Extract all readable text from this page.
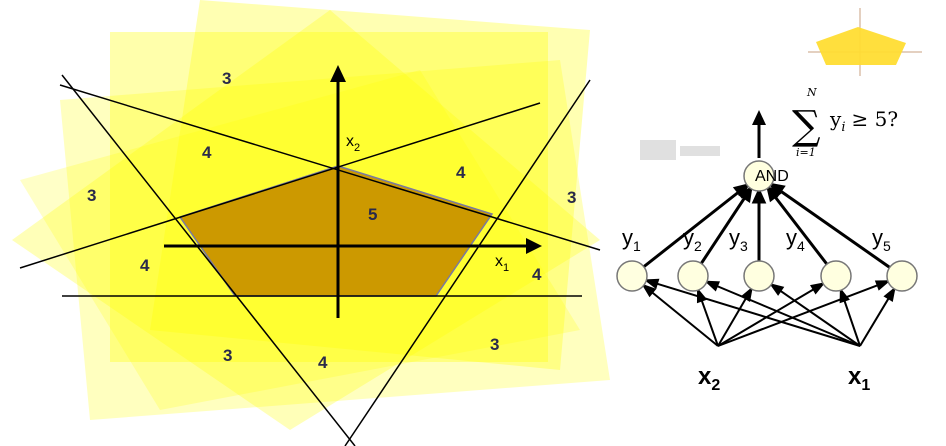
$x_2$
$x_1$
3
4
3
4
5
4
3
4
3	4
3
AND
$y_1$ $y_2$ $y_3$ $y_4$	$y_5$
$x_2$	$x_1$
N
∑
i=1
$y_i \ge 5$?
